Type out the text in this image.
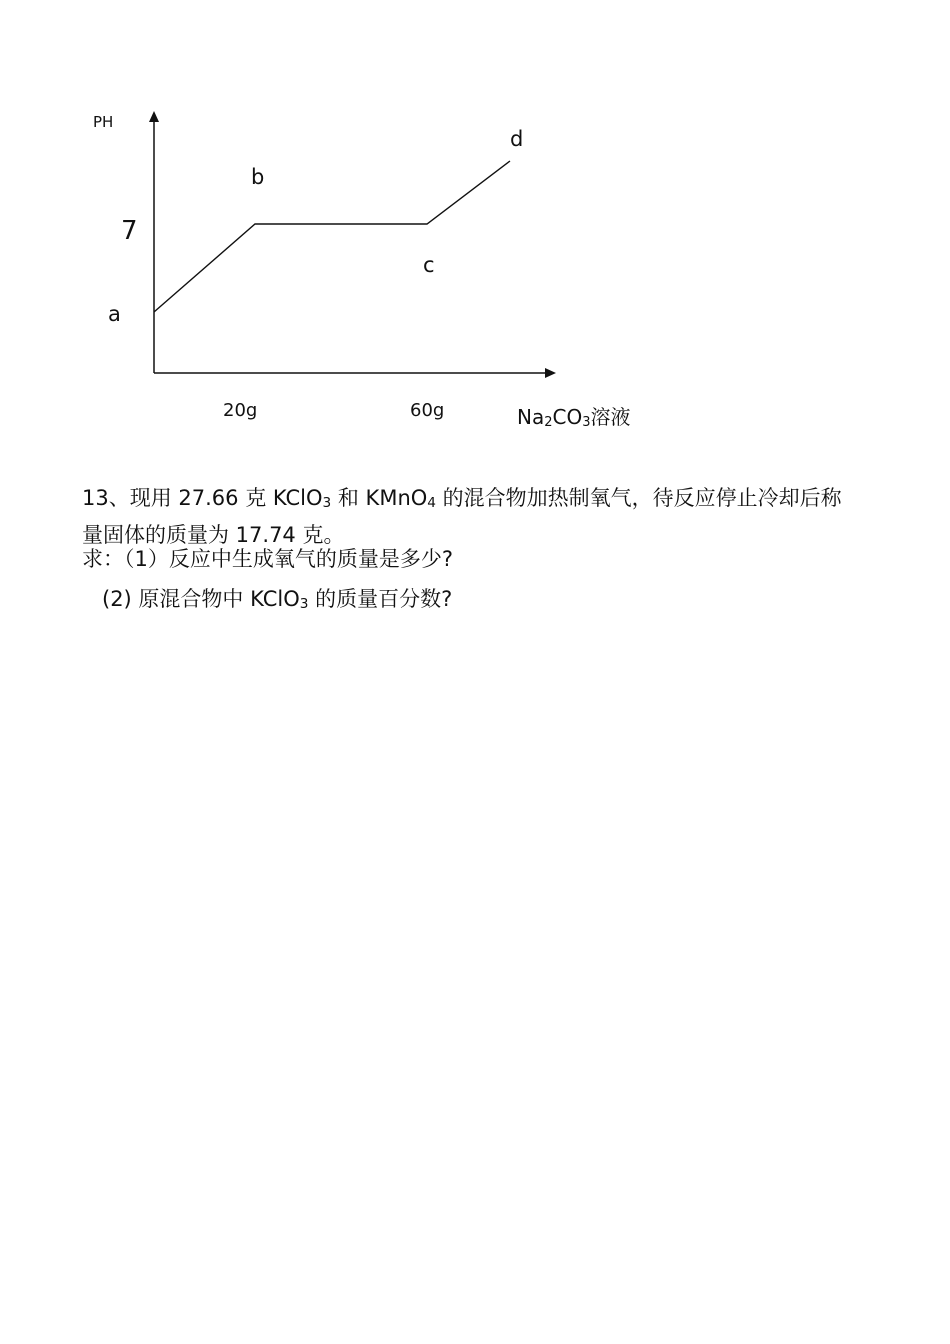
PH
7
a
b
c
d
20g	60g	Na2CO3溶液
13、现用 27.66 克 KClO3 和 KMnO4 的混合物加热制氧气，待反应停止冷却后称
量固体的质量为 17.74 克。
求：（1）反应中生成氧气的质量是多少?
(2) 原混合物中 KClO3 的质量百分数?
